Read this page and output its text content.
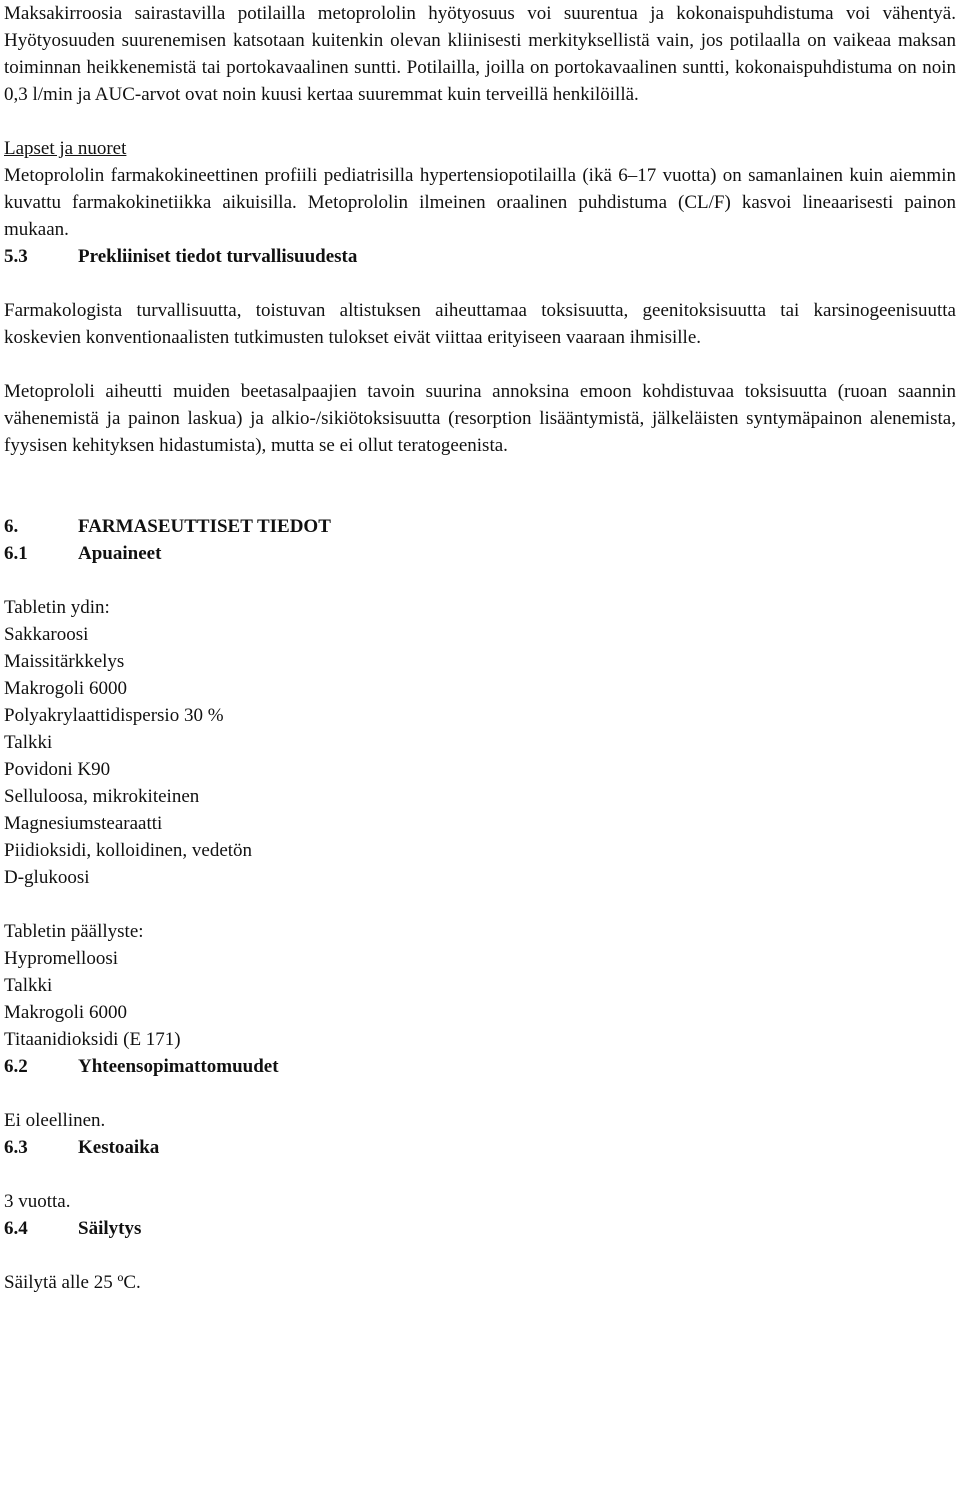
Maksakirroosia sairastavilla potilailla metoprololin hyötyosuus voi suurentua ja kokonaispuhdistuma voi vähentyä. Hyötyosuuden suurenemisen katsotaan kuitenkin olevan kliinisesti merkityksellistä vain, jos potilaalla on vaikeaa maksan toiminnan heikkenemistä tai portokavaalinen suntti. Potilailla, joilla on portokavaalinen suntti, kokonaispuhdistuma on noin 0,3 l/min ja AUC-arvot ovat noin kuusi kertaa suuremmat kuin terveillä henkilöillä.

Lapset ja nuoret

Metoprololin farmakokineettinen profiili pediatrisilla hypertensiopotilailla (ikä 6–17 vuotta) on samanlainen kuin aiemmin kuvattu farmakokinetiikka aikuisilla. Metoprololin ilmeinen oraalinen puhdistuma (CL/F) kasvoi lineaarisesti painon mukaan.

5.3	Prekliiniset tiedot turvallisuudesta

Farmakologista turvallisuutta, toistuvan altistuksen aiheuttamaa toksisuutta, geenitoksisuutta tai karsinogeenisuutta koskevien konventionaalisten tutkimusten tulokset eivät viittaa erityiseen vaaraan ihmisille.

Metoprololi aiheutti muiden beetasalpaajien tavoin suurina annoksina emoon kohdistuvaa toksisuutta (ruoan saannin vähenemistä ja painon laskua) ja alkio-/sikiötoksisuutta (resorption lisääntymistä, jälkeläisten syntymäpainon alenemista, fyysisen kehityksen hidastumista), mutta se ei ollut teratogeenista.

6.	FARMASEUTTISET TIEDOT
6.1	Apuaineet

Tabletin ydin:

Sakkaroosi
Maissitärkkelys
Makrogoli 6000
Polyakrylaattidispersio 30 %
Talkki
Povidoni K90
Selluloosa, mikrokiteinen
Magnesiumstearaatti
Piidioksidi, kolloidinen, vedetön
D-glukoosi

Tabletin päällyste:

Hypromelloosi
Talkki
Makrogoli 6000
Titaanidioksidi (E 171)
6.2	Yhteensopimattomuudet

Ei oleellinen.

6.3	Kestoaika

3 vuotta.

6.4	Säilytys

Säilytä alle 25 ºC.
